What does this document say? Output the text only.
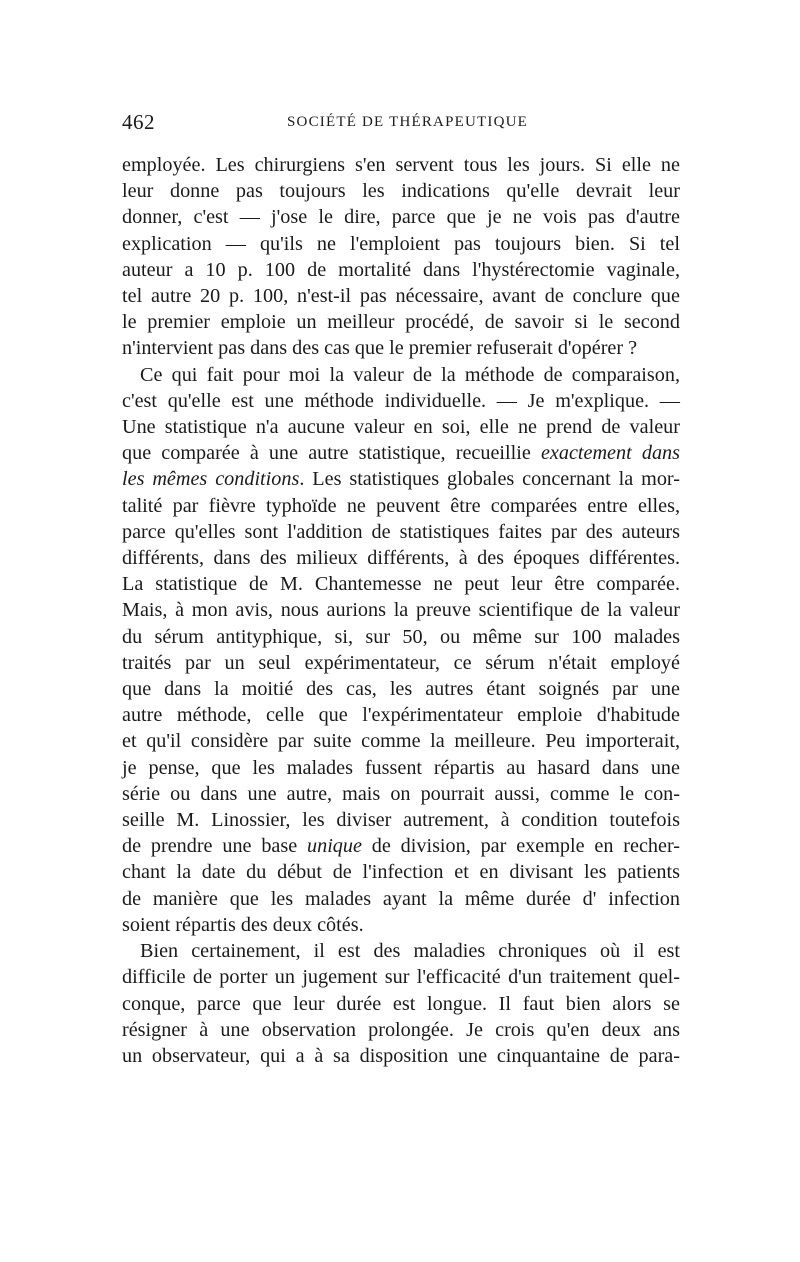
462	SOCIÉTÉ DE THÉRAPEUTIQUE
employée. Les chirurgiens s'en servent tous les jours. Si elle ne
leur donne pas toujours les indications qu'elle devrait leur
donner, c'est — j'ose le dire, parce que je ne vois pas d'autre
explication — qu'ils ne l'emploient pas toujours bien. Si tel
auteur a 10 p. 100 de mortalité dans l'hystérectomie vaginale,
tel autre 20 p. 100, n'est-il pas nécessaire, avant de conclure que
le premier emploie un meilleur procédé, de savoir si le second
n'intervient pas dans des cas que le premier refuserait d'opérer ?
Ce qui fait pour moi la valeur de la méthode de comparaison,
c'est qu'elle est une méthode individuelle. — Je m'explique. —
Une statistique n'a aucune valeur en soi, elle ne prend de valeur
que comparée à une autre statistique, recueillie exactement dans
les mêmes conditions. Les statistiques globales concernant la mor-
talité par fièvre typhoïde ne peuvent être comparées entre elles,
parce qu'elles sont l'addition de statistiques faites par des auteurs
différents, dans des milieux différents, à des époques différentes.
La statistique de M. Chantemesse ne peut leur être comparée.
Mais, à mon avis, nous aurions la preuve scientifique de la valeur
du sérum antityphique, si, sur 50, ou même sur 100 malades
traités par un seul expérimentateur, ce sérum n'était employé
que dans la moitié des cas, les autres étant soignés par une
autre méthode, celle que l'expérimentateur emploie d'habitude
et qu'il considère par suite comme la meilleure. Peu importerait,
je pense, que les malades fussent répartis au hasard dans une
série ou dans une autre, mais on pourrait aussi, comme le con-
seille M. Linossier, les diviser autrement, à condition toutefois
de prendre une base unique de division, par exemple en recher-
chant la date du début de l'infection et en divisant les patients
de manière que les malades ayant la même durée d' infection
soient répartis des deux côtés.
Bien certainement, il est des maladies chroniques où il est
difficile de porter un jugement sur l'efficacité d'un traitement quel-
conque, parce que leur durée est longue. Il faut bien alors se
résigner à une observation prolongée. Je crois qu'en deux ans
un observateur, qui a à sa disposition une cinquantaine de para-
